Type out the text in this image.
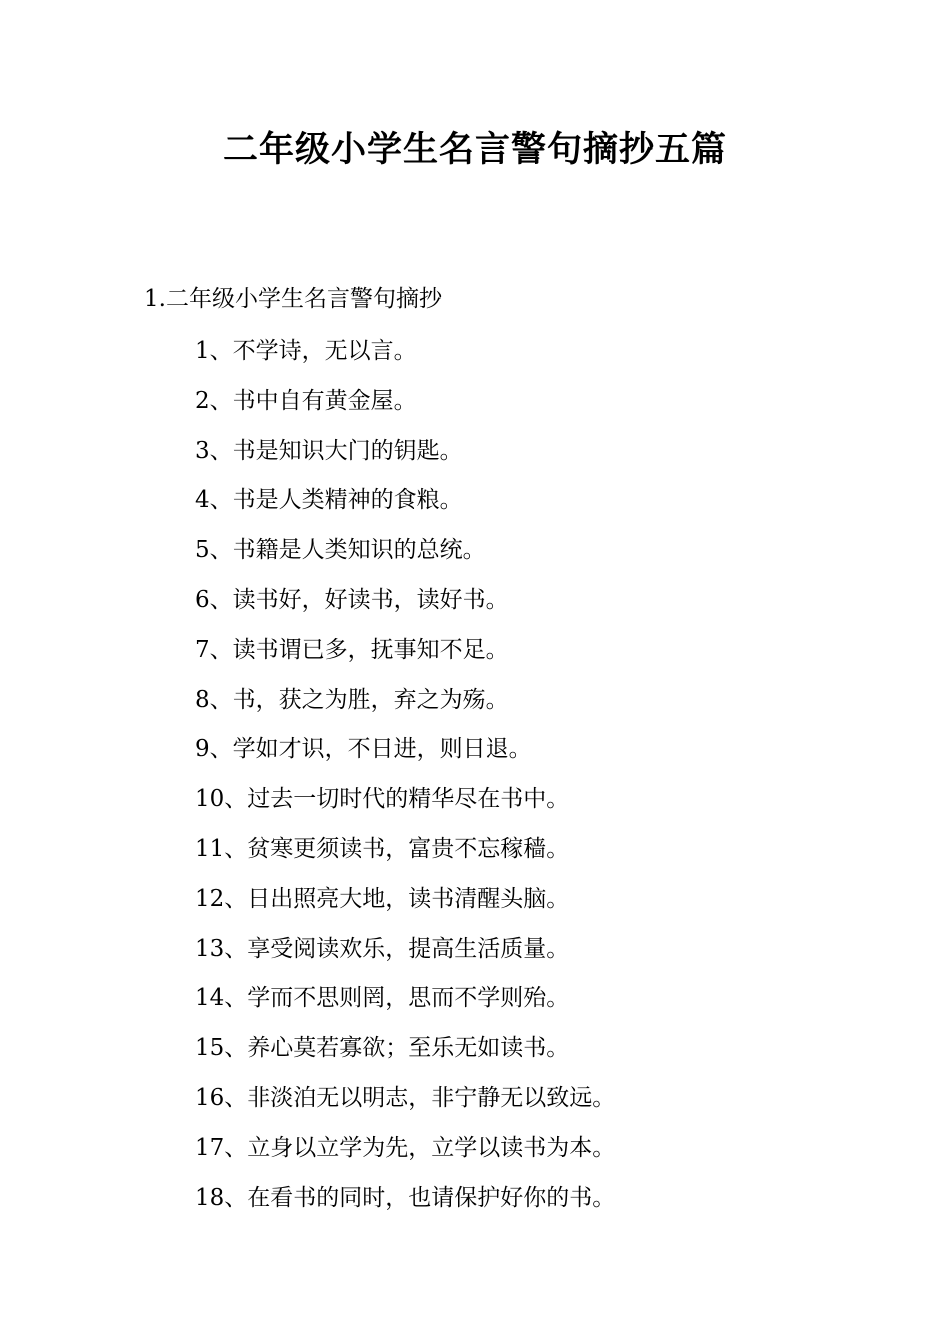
二年级小学生名言警句摘抄五篇

1.二年级小学生名言警句摘抄

1、不学诗，无以言。
2、书中自有黄金屋。
3、书是知识大门的钥匙。
4、书是人类精神的食粮。
5、书籍是人类知识的总统。
6、读书好，好读书，读好书。
7、读书谓已多，抚事知不足。
8、书，获之为胜，弃之为殇。
9、学如才识，不日进，则日退。
10、过去一切时代的精华尽在书中。
11、贫寒更须读书，富贵不忘稼穑。
12、日出照亮大地，读书清醒头脑。
13、享受阅读欢乐，提高生活质量。
14、学而不思则罔，思而不学则殆。
15、养心莫若寡欲；至乐无如读书。
16、非淡泊无以明志，非宁静无以致远。
17、立身以立学为先，立学以读书为本。
18、在看书的同时，也请保护好你的书。
